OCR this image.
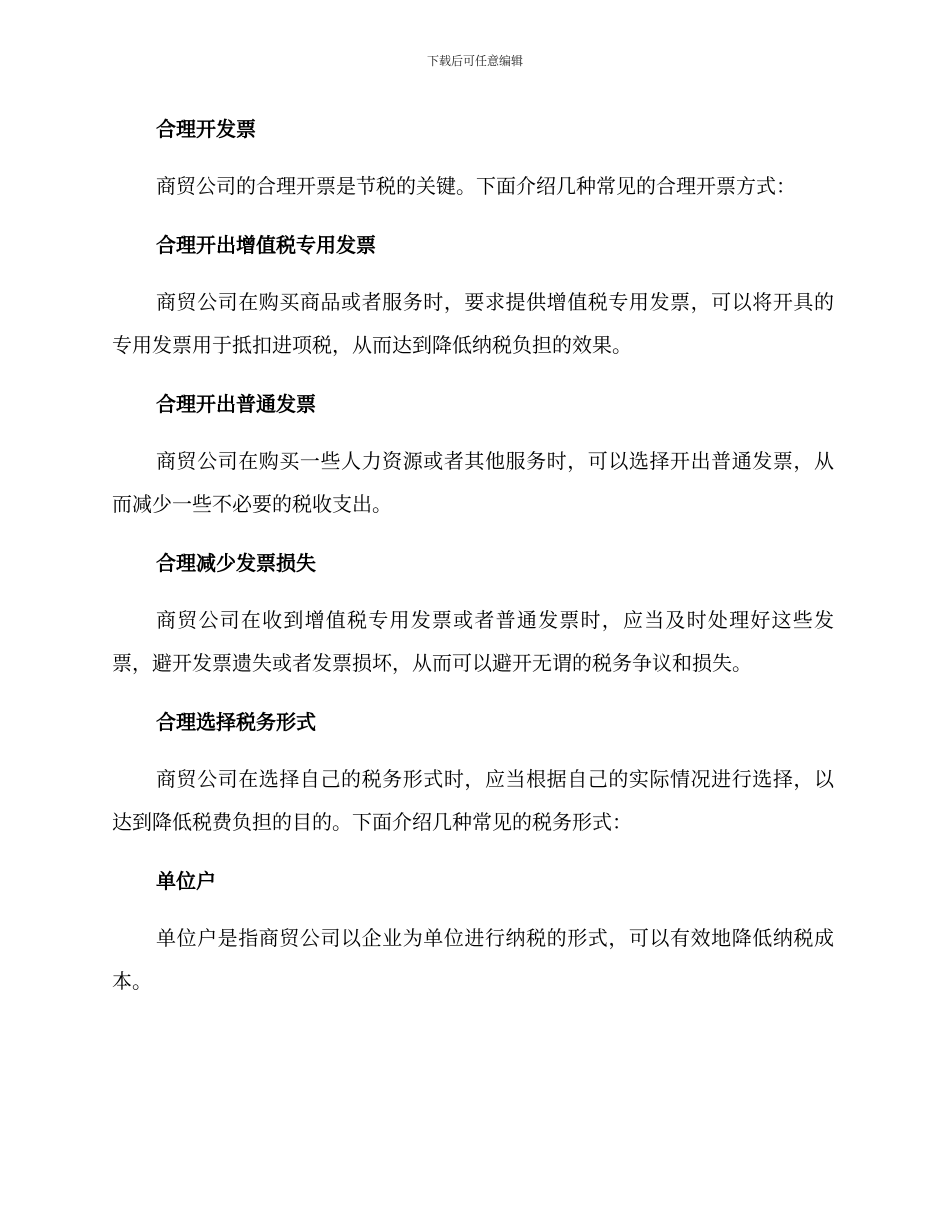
下载后可任意编辑
合理开发票

商贸公司的合理开票是节税的关键。下面介绍几种常见的合理开票方式：

合理开出增值税专用发票

商贸公司在购买商品或者服务时，要求提供增值税专用发票，可以将开具的专用发票用于抵扣进项税，从而达到降低纳税负担的效果。

合理开出普通发票

商贸公司在购买一些人力资源或者其他服务时，可以选择开出普通发票，从而减少一些不必要的税收支出。

合理减少发票损失

商贸公司在收到增值税专用发票或者普通发票时，应当及时处理好这些发票，避开发票遗失或者发票损坏，从而可以避开无谓的税务争议和损失。

合理选择税务形式

商贸公司在选择自己的税务形式时，应当根据自己的实际情况进行选择，以达到降低税费负担的目的。下面介绍几种常见的税务形式：

单位户

单位户是指商贸公司以企业为单位进行纳税的形式，可以有效地降低纳税成本。
